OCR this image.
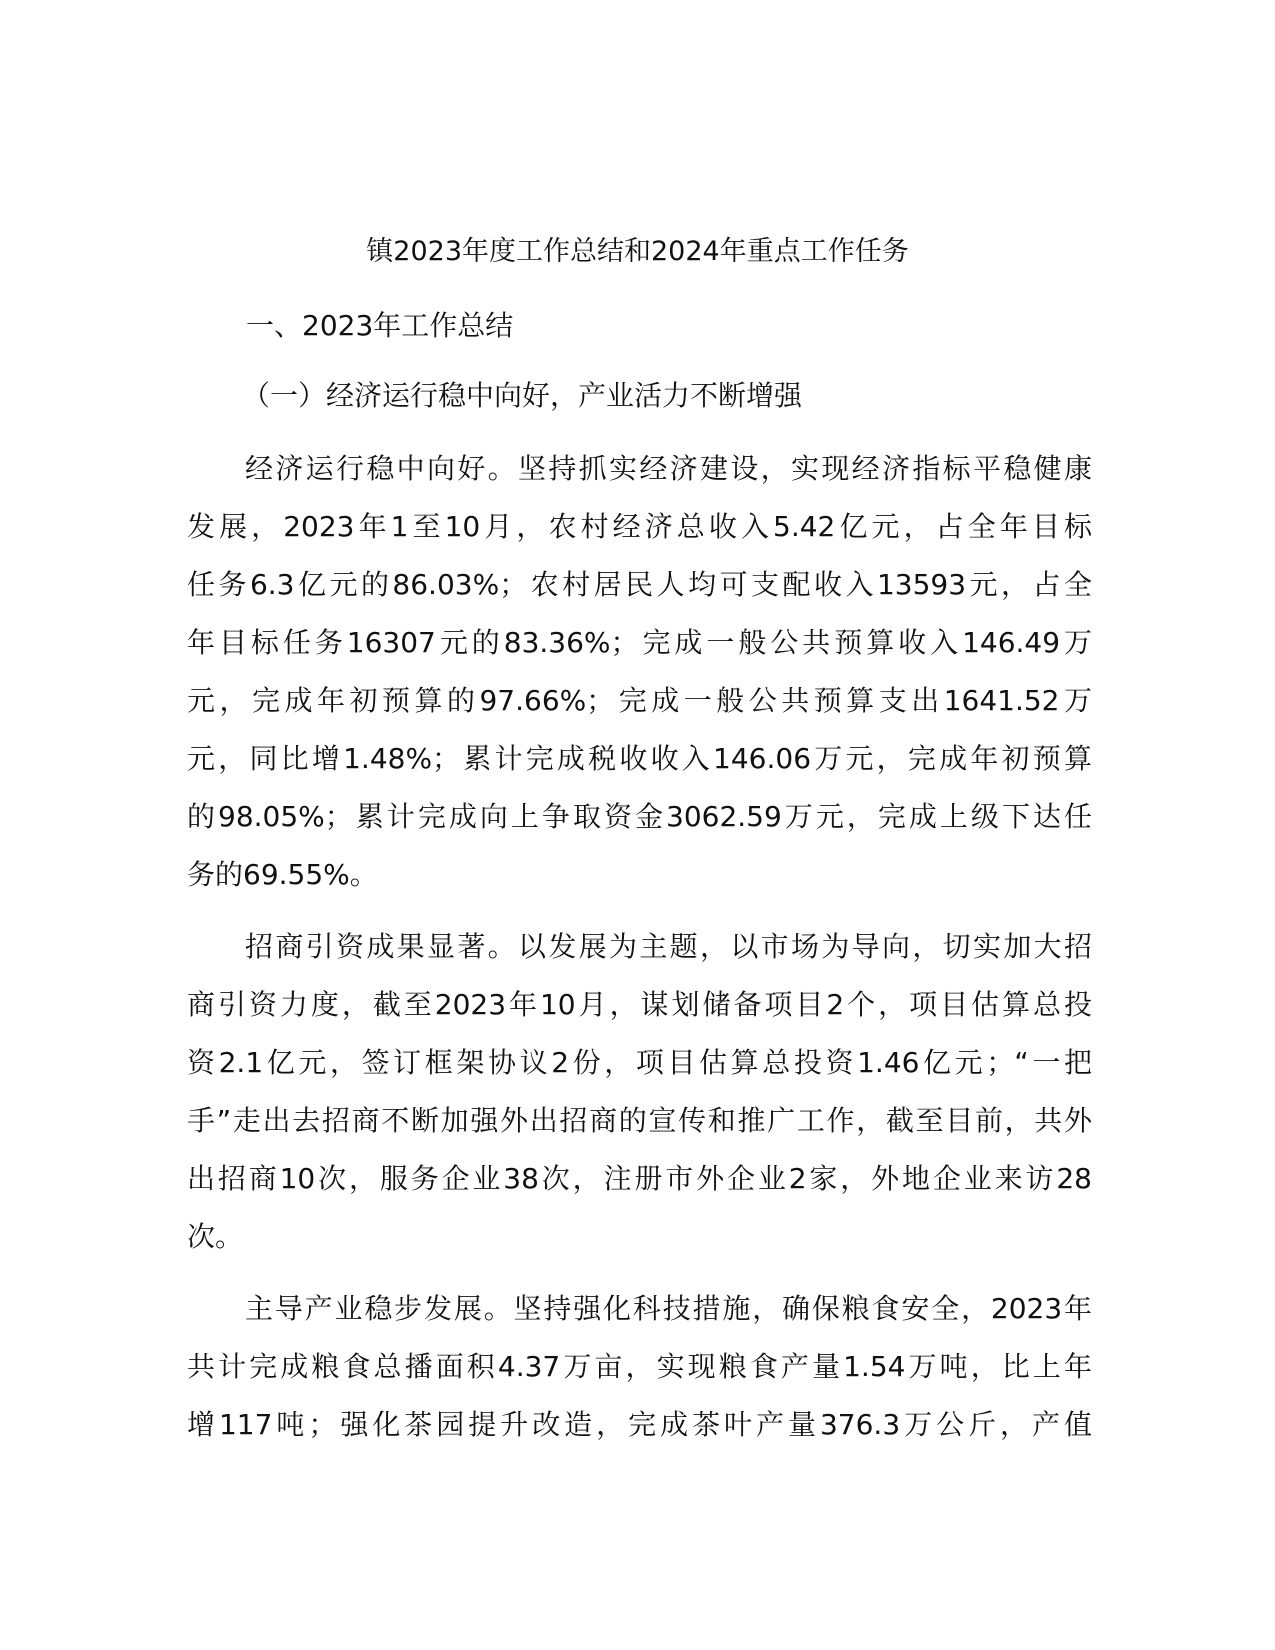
镇2023年度工作总结和2024年重点工作任务
一、2023年工作总结
（一）经济运行稳中向好，产业活力不断增强
经济运行稳中向好。坚持抓实经济建设，实现经济指标平稳健康
发展，2023年1至10月，农村经济总收入5.42亿元，占全年目标
任务6.3亿元的86.03%；农村居民人均可支配收入13593元，占全
年目标任务16307元的83.36%；完成一般公共预算收入146.49万
元，完成年初预算的97.66%；完成一般公共预算支出1641.52万
元，同比增1.48%；累计完成税收收入146.06万元，完成年初预算
的98.05%；累计完成向上争取资金3062.59万元，完成上级下达任
务的69.55%。
招商引资成果显著。以发展为主题，以市场为导向，切实加大招
商引资力度，截至2023年10月，谋划储备项目2个，项目估算总投
资2.1亿元，签订框架协议2份，项目估算总投资1.46亿元；“一把
手”走出去招商不断加强外出招商的宣传和推广工作，截至目前，共外
出招商10次，服务企业38次，注册市外企业2家，外地企业来访28
次。
主导产业稳步发展。坚持强化科技措施，确保粮食安全，2023年
共计完成粮食总播面积4.37万亩，实现粮食产量1.54万吨，比上年
增117吨；强化茶园提升改造，完成茶叶产量376.3万公斤，产值
